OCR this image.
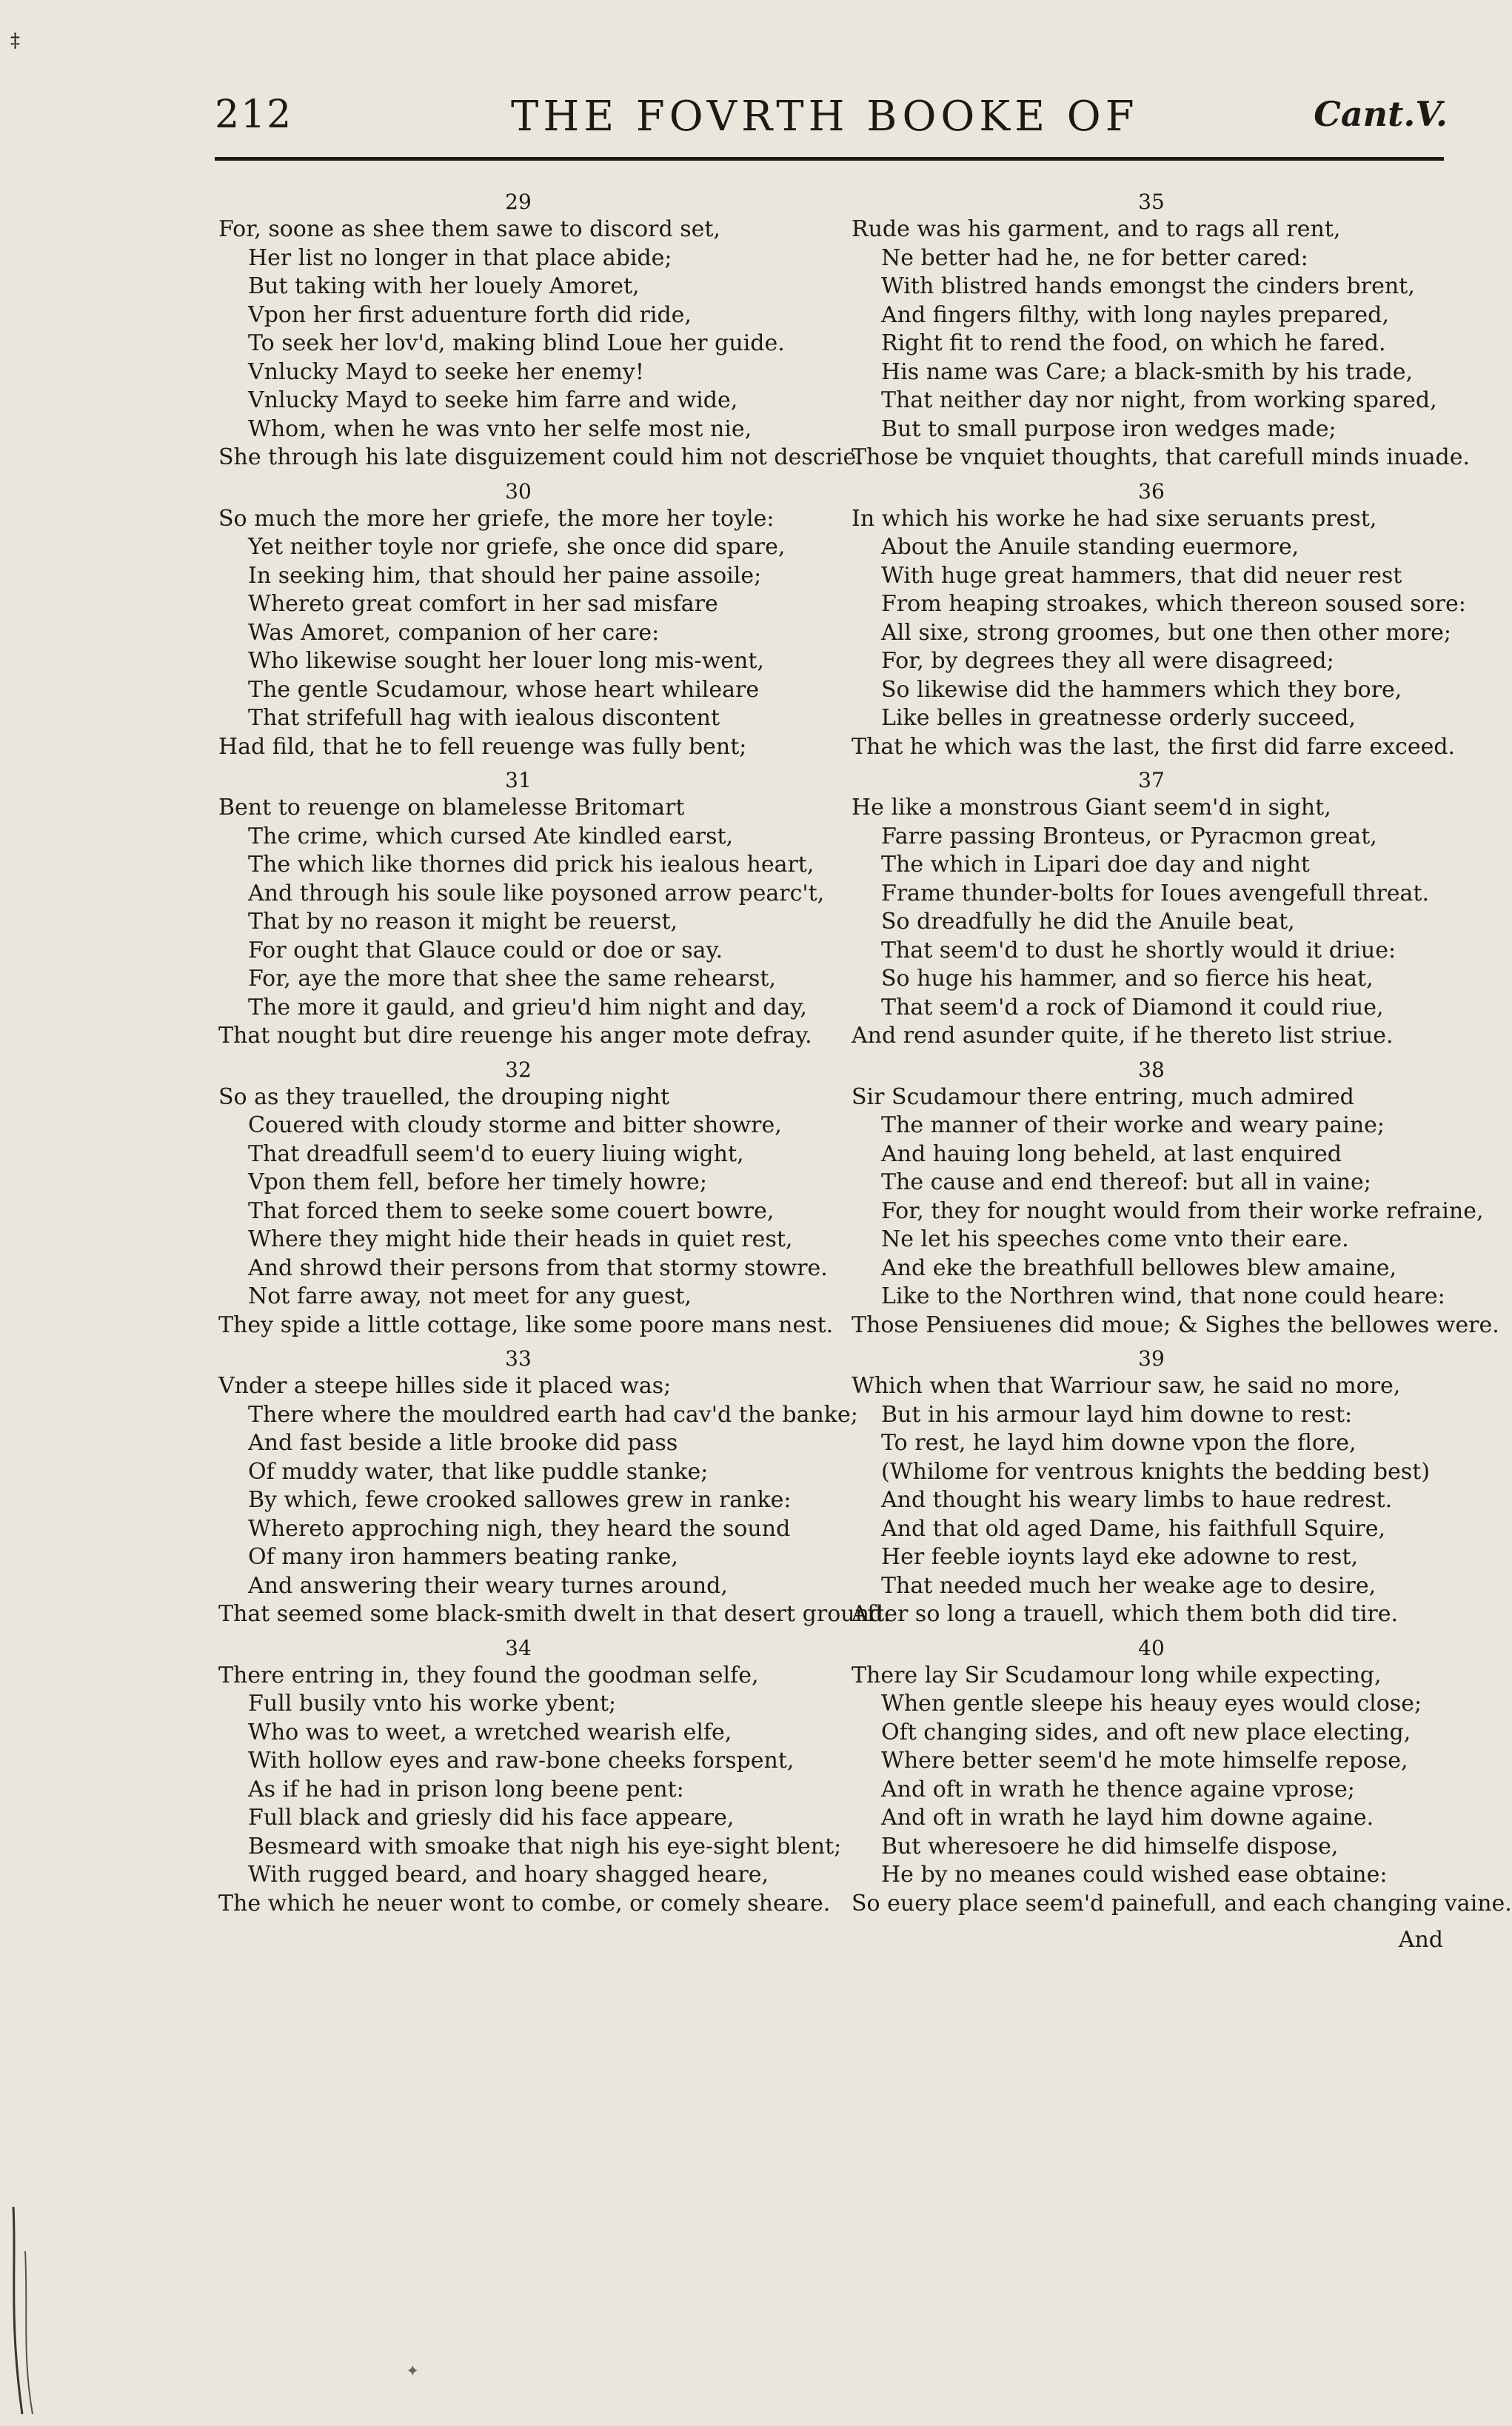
‡
212	THE FOVRTH BOOKE OF	Cant.V.
29
For, soone as shee them sawe to discord set,
Her list no longer in that place abide;
But taking with her louely Amoret,
Vpon her first aduenture forth did ride,
To seek her lov'd, making blind Loue her guide.
Vnlucky Mayd to seeke her enemy!
Vnlucky Mayd to seeke him farre and wide,
Whom, when he was vnto her selfe most nie,
She through his late disguizement could him not descrie.
30
So much the more her griefe, the more her toyle:
Yet neither toyle nor griefe, she once did spare,
In seeking him, that should her paine assoile;
Whereto great comfort in her sad misfare
Was Amoret, companion of her care:
Who likewise sought her louer long mis-went,
The gentle Scudamour, whose heart whileare
That strifefull hag with iealous discontent
Had fild, that he to fell reuenge was fully bent;
31
Bent to reuenge on blamelesse Britomart
The crime, which cursed Ate kindled earst,
The which like thornes did prick his iealous heart,
And through his soule like poysoned arrow pearc't,
That by no reason it might be reuerst,
For ought that Glauce could or doe or say.
For, aye the more that shee the same rehearst,
The more it gauld, and grieu'd him night and day,
That nought but dire reuenge his anger mote defray.
32
So as they trauelled, the drouping night
Couered with cloudy storme and bitter showre,
That dreadfull seem'd to euery liuing wight,
Vpon them fell, before her timely howre;
That forced them to seeke some couert bowre,
Where they might hide their heads in quiet rest,
And shrowd their persons from that stormy stowre.
Not farre away, not meet for any guest,
They spide a little cottage, like some poore mans nest.
33
Vnder a steepe hilles side it placed was;
There where the mouldred earth had cav'd the banke;
And fast beside a litle brooke did pass
Of muddy water, that like puddle stanke;
By which, fewe crooked sallowes grew in ranke:
Whereto approching nigh, they heard the sound
Of many iron hammers beating ranke,
And answering their weary turnes around,
That seemed some black-smith dwelt in that desert ground.
34
There entring in, they found the goodman selfe,
Full busily vnto his worke ybent;
Who was to weet, a wretched wearish elfe,
With hollow eyes and raw-bone cheeks forspent,
As if he had in prison long beene pent:
Full black and griesly did his face appeare,
Besmeard with smoake that nigh his eye-sight blent;
With rugged beard, and hoary shagged heare,
The which he neuer wont to combe, or comely sheare.
35
Rude was his garment, and to rags all rent,
Ne better had he, ne for better cared:
With blistred hands emongst the cinders brent,
And fingers filthy, with long nayles prepared,
Right fit to rend the food, on which he fared.
His name was Care; a black-smith by his trade,
That neither day nor night, from working spared,
But to small purpose iron wedges made;
Those be vnquiet thoughts, that carefull minds inuade.
36
In which his worke he had sixe seruants prest,
About the Anuile standing euermore,
With huge great hammers, that did neuer rest
From heaping stroakes, which thereon soused sore:
All sixe, strong groomes, but one then other more;
For, by degrees they all were disagreed;
So likewise did the hammers which they bore,
Like belles in greatnesse orderly succeed,
That he which was the last, the first did farre exceed.
37
He like a monstrous Giant seem'd in sight,
Farre passing Bronteus, or Pyracmon great,
The which in Lipari doe day and night
Frame thunder-bolts for Ioues avengefull threat.
So dreadfully he did the Anuile beat,
That seem'd to dust he shortly would it driue:
So huge his hammer, and so fierce his heat,
That seem'd a rock of Diamond it could riue,
And rend asunder quite, if he thereto list striue.
38
Sir Scudamour there entring, much admired
The manner of their worke and weary paine;
And hauing long beheld, at last enquired
The cause and end thereof: but all in vaine;
For, they for nought would from their worke refraine,
Ne let his speeches come vnto their eare.
And eke the breathfull bellowes blew amaine,
Like to the Northren wind, that none could heare:
Those Pensiuenes did moue; & Sighes the bellowes were.
39
Which when that Warriour saw, he said no more,
But in his armour layd him downe to rest:
To rest, he layd him downe vpon the flore,
(Whilome for ventrous knights the bedding best)
And thought his weary limbs to haue redrest.
And that old aged Dame, his faithfull Squire,
Her feeble ioynts layd eke adowne to rest,
That needed much her weake age to desire,
After so long a trauell, which them both did tire.
40
There lay Sir Scudamour long while expecting,
When gentle sleepe his heauy eyes would close;
Oft changing sides, and oft new place electing,
Where better seem'd he mote himselfe repose,
And oft in wrath he thence againe vprose;
And oft in wrath he layd him downe againe.
But wheresoere he did himselfe dispose,
He by no meanes could wished ease obtaine:
So euery place seem'd painefull, and each changing vaine.
And
✦
